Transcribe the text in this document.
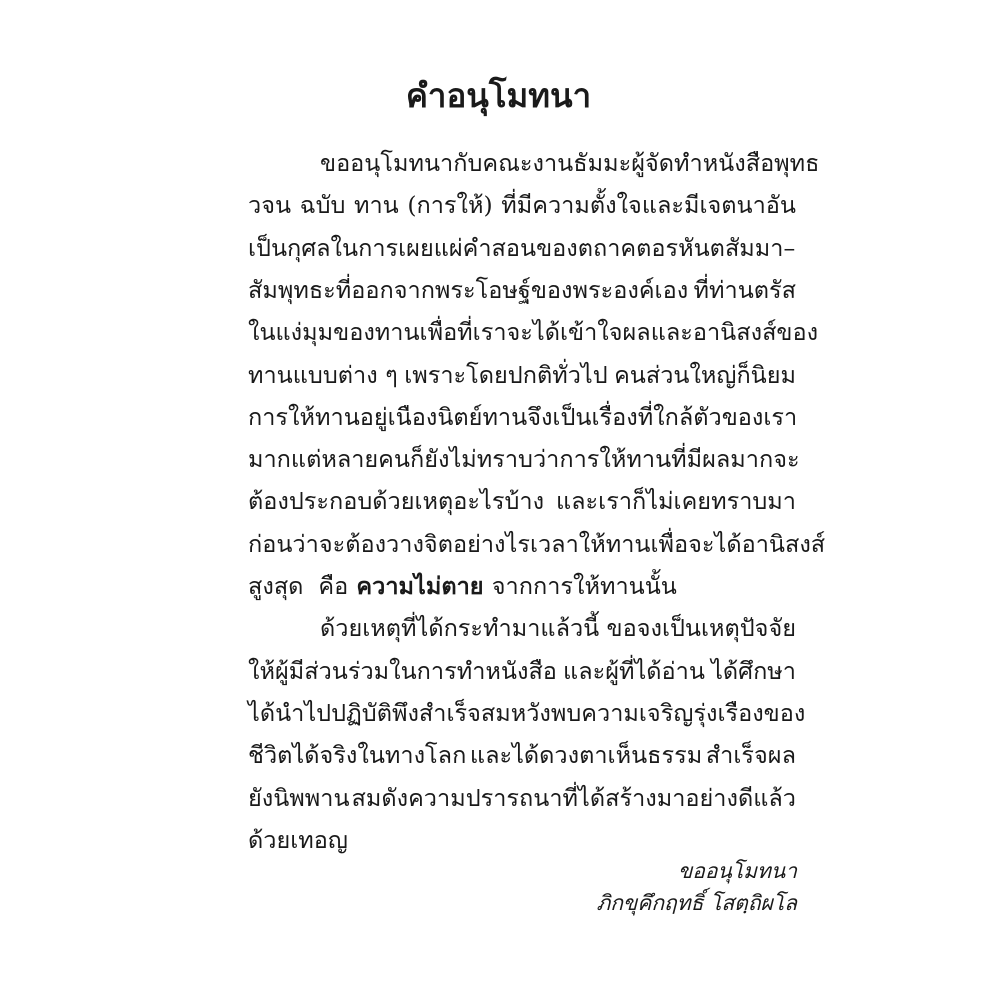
คำอนุโมทนา
ขออนุโมทนากับคณะงานธัมมะ ผู้จัดทำหนังสือพุทธ
วจน ฉบับ ทาน (การให้) ที่มีความตั้งใจและมีเจตนาอัน
เป็นกุศลในการเผยแผ่คำสอนของตถาคตอรหันตสัมมา–
สัมพุทธะที่ออกจากพระโอษฐ์ของพระองค์เอง ที่ท่านตรัส
ในแง่มุมของทาน เพื่อที่เราจะได้เข้าใจผลและอานิสงส์ของ
ทานแบบต่าง ๆ เพราะโดยปกติทั่วไป คนส่วนใหญ่ก็นิยม
การให้ทานอยู่เนืองนิตย์ ทานจึงเป็นเรื่องที่ใกล้ตัวของเรา
มาก แต่หลายคนก็ยังไม่ทราบว่า การให้ทานที่มีผลมากจะ
ต้องประกอบด้วยเหตุอะไรบ้าง และเราก็ไม่เคยทราบมา
ก่อนว่า จะต้องวางจิตอย่างไรเวลาให้ทาน เพื่อจะได้อานิสงส์
สูงสุด  คือ ความไม่ตาย จากการให้ทานนั้น
ด้วยเหตุที่ได้กระทำมาแล้วนี้ ขอจงเป็นเหตุปัจจัย
ให้ผู้มีส่วนร่วมในการทำหนังสือ และผู้ที่ได้อ่าน ได้ศึกษา
ได้นำไปปฏิบัติ พึงสำเร็จสมหวัง พบความเจริญรุ่งเรืองของ
ชีวิตได้จริงในทางโลก และได้ดวงตาเห็นธรรม สำเร็จผล
ยังนิพพาน สมดังความปรารถนาที่ได้สร้างมาอย่างดีแล้ว
ด้วยเทอญ
ขออนุโมทนา
ภิกขุคึกฤทธิ์ โสตฺถิผโล
